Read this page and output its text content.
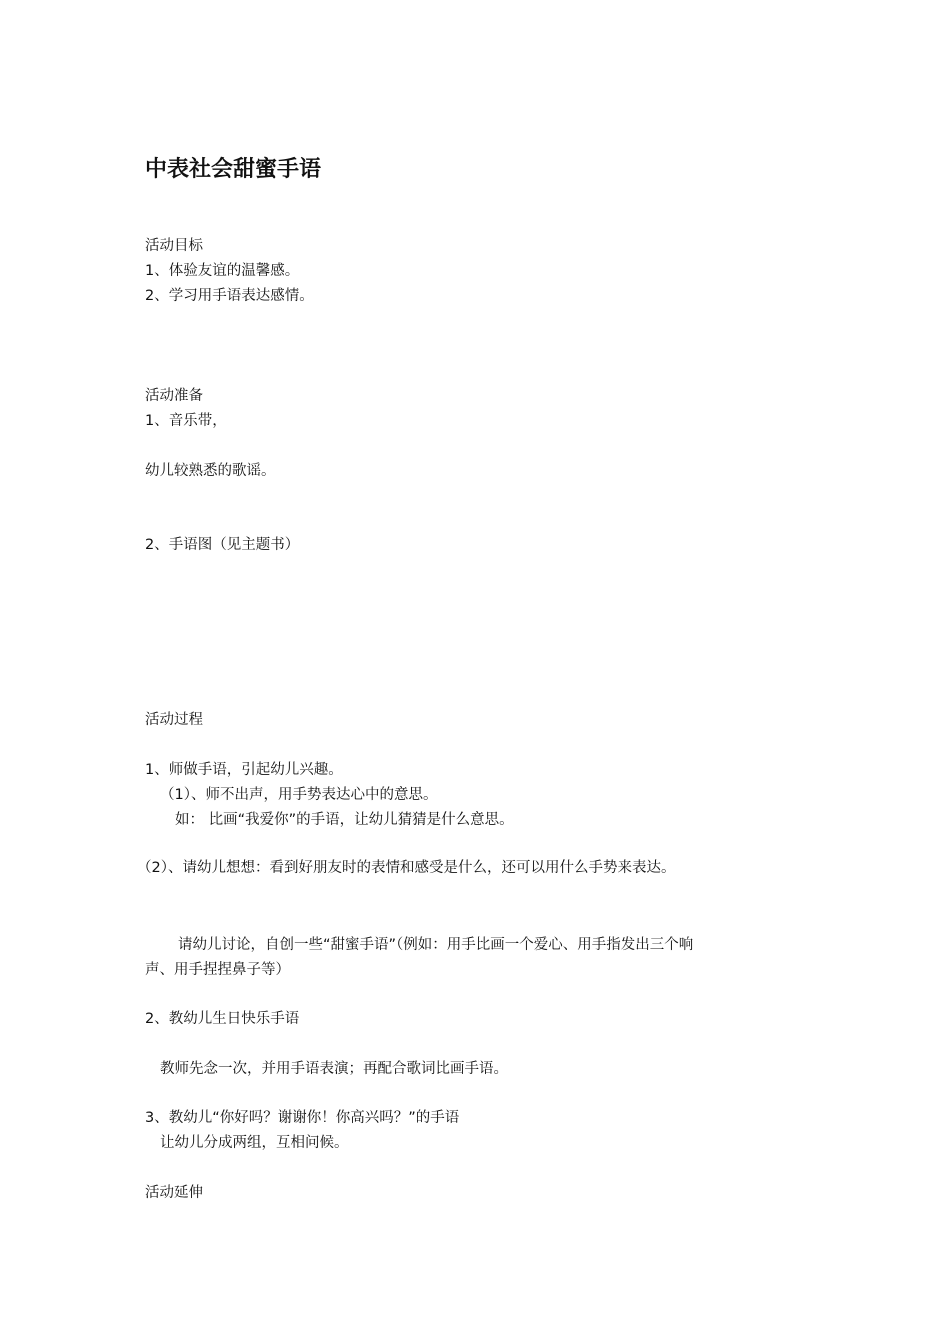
中表社会甜蜜手语
活动目标
1、体验友谊的温馨感。
2、学习用手语表达感情。
活动准备
1、音乐带，
幼儿较熟悉的歌谣。
2、手语图（见主题书）
活动过程
1、师做手语，引起幼儿兴趣。
（1）、师不出声，用手势表达心中的意思。
如： 比画“我爱你”的手语，让幼儿猜猜是什么意思。
（2）、请幼儿想想：看到好朋友时的表情和感受是什么，还可以用什么手势来表达。
请幼儿讨论，自创一些“甜蜜手语”（例如：用手比画一个爱心、用手指发出三个响
声、用手捏捏鼻子等）
2、教幼儿生日快乐手语
教师先念一次，并用手语表演；再配合歌词比画手语。
3、教幼儿“你好吗？谢谢你！你高兴吗？”的手语
让幼儿分成两组，互相问候。
活动延伸
